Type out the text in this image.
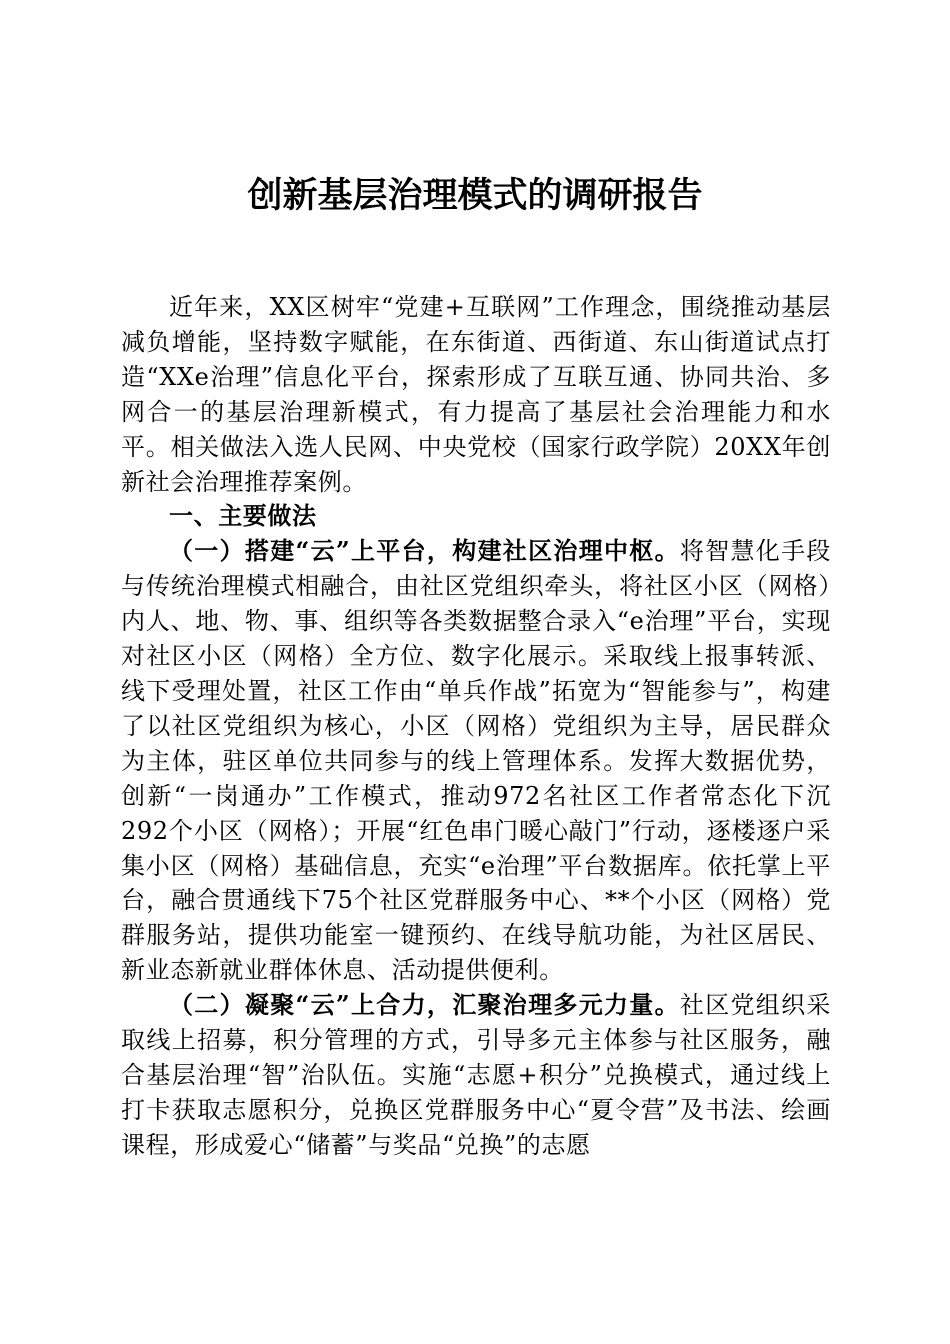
创新基层治理模式的调研报告

近年来，XX区树牢“党建+互联网”工作理念，围绕推动基层减负增能，坚持数字赋能，在东街道、西街道、东山街道试点打造“XXe治理”信息化平台，探索形成了互联互通、协同共治、多网合一的基层治理新模式，有力提高了基层社会治理能力和水平。相关做法入选人民网、中央党校（国家行政学院）20XX年创新社会治理推荐案例。

一、主要做法

（一）搭建“云”上平台，构建社区治理中枢。将智慧化手段与传统治理模式相融合，由社区党组织牵头，将社区小区（网格）内人、地、物、事、组织等各类数据整合录入“e治理”平台，实现对社区小区（网格）全方位、数字化展示。采取线上报事转派、线下受理处置，社区工作由“单兵作战”拓宽为“智能参与”，构建了以社区党组织为核心，小区（网格）党组织为主导，居民群众为主体，驻区单位共同参与的线上管理体系。发挥大数据优势，创新“一岗通办”工作模式，推动972名社区工作者常态化下沉292个小区（网格）；开展“红色串门暖心敲门”行动，逐楼逐户采集小区（网格）基础信息，充实“e治理”平台数据库。依托掌上平台，融合贯通线下75个社区党群服务中心、**个小区（网格）党群服务站，提供功能室一键预约、在线导航功能，为社区居民、新业态新就业群体休息、活动提供便利。

（二）凝聚“云”上合力，汇聚治理多元力量。社区党组织采取线上招募，积分管理的方式，引导多元主体参与社区服务，融合基层治理“智”治队伍。实施“志愿+积分”兑换模式，通过线上打卡获取志愿积分，兑换区党群服务中心“夏令营”及书法、绘画课程，形成爱心“储蓄”与奖品“兑换”的志愿
